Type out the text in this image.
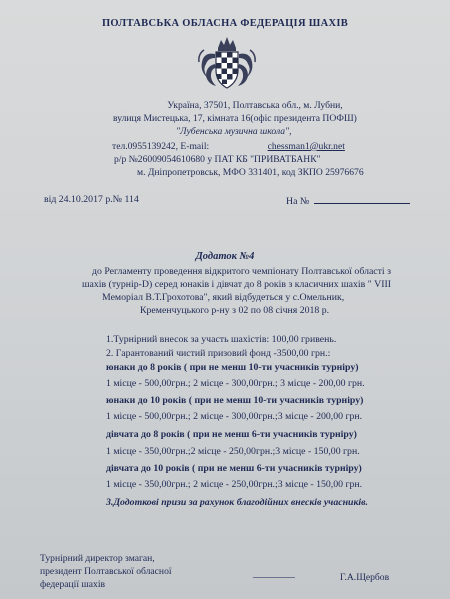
ПОЛТАВСЬКА ОБЛАСНА ФЕДЕРАЦІЯ ШАХІВ
Україна, 37501, Полтавська обл., м. Лубни,
вулиця Мистецька, 17, кімната 16(офіс президента ПОФШ)
"Лубенська музична школа",
тел.0955139242, E-mail:	chessman1@ukr.net
р/р №26009054610680 у ПАТ КБ "ПРИВАТБАНК"
м. Дніпропетровськ, МФО 331401, код ЗКПО 25976676
від 24.10.2017 р.№ 114	На №
Додаток №4
до Регламенту проведення відкритого чемпіонату Полтавської області з
шахів (турнір-D) серед юнаків і дівчат до 8 років з класичних шахів " VIII
Меморіал В.Т.Грохотова", який відбудеться у с.Омельник,
Кременчуцького р-ну з 02 по 08 січня 2018 р.
1.Турнірний внесок за участь шахістів: 100,00 гривень.
2. Гарантований чистий призовий фонд -3500,00 грн.:
юнаки до 8 років ( при не менш 10-ти учасників турніру)
1 місце - 500,00грн.; 2 місце - 300,00грн.; 3 місце - 200,00 грн.
юнаки до 10 років ( при не менш 10-ти учасників турніру)
1 місце - 500,00грн.; 2 місце - 300,00грн.;3 місце - 200,00 грн.
дівчата до 8 років ( при не менш 6-ти учасників турніру)
1 місце - 350,00грн.;2 місце - 250,00грн.;3 місце - 150,00 грн.
дівчата до 10 років ( при не менш 6-ти учасників турніру)
1 місце - 350,00грн.; 2 місце - 250,00грн.;3 місце - 150,00 грн.
3.Додоткові призи за рахунок благодійних внесків учасників.
Турнірний директор змаган,
президент Полтавської обласної
федерації шахів
Г.А.Щербов
